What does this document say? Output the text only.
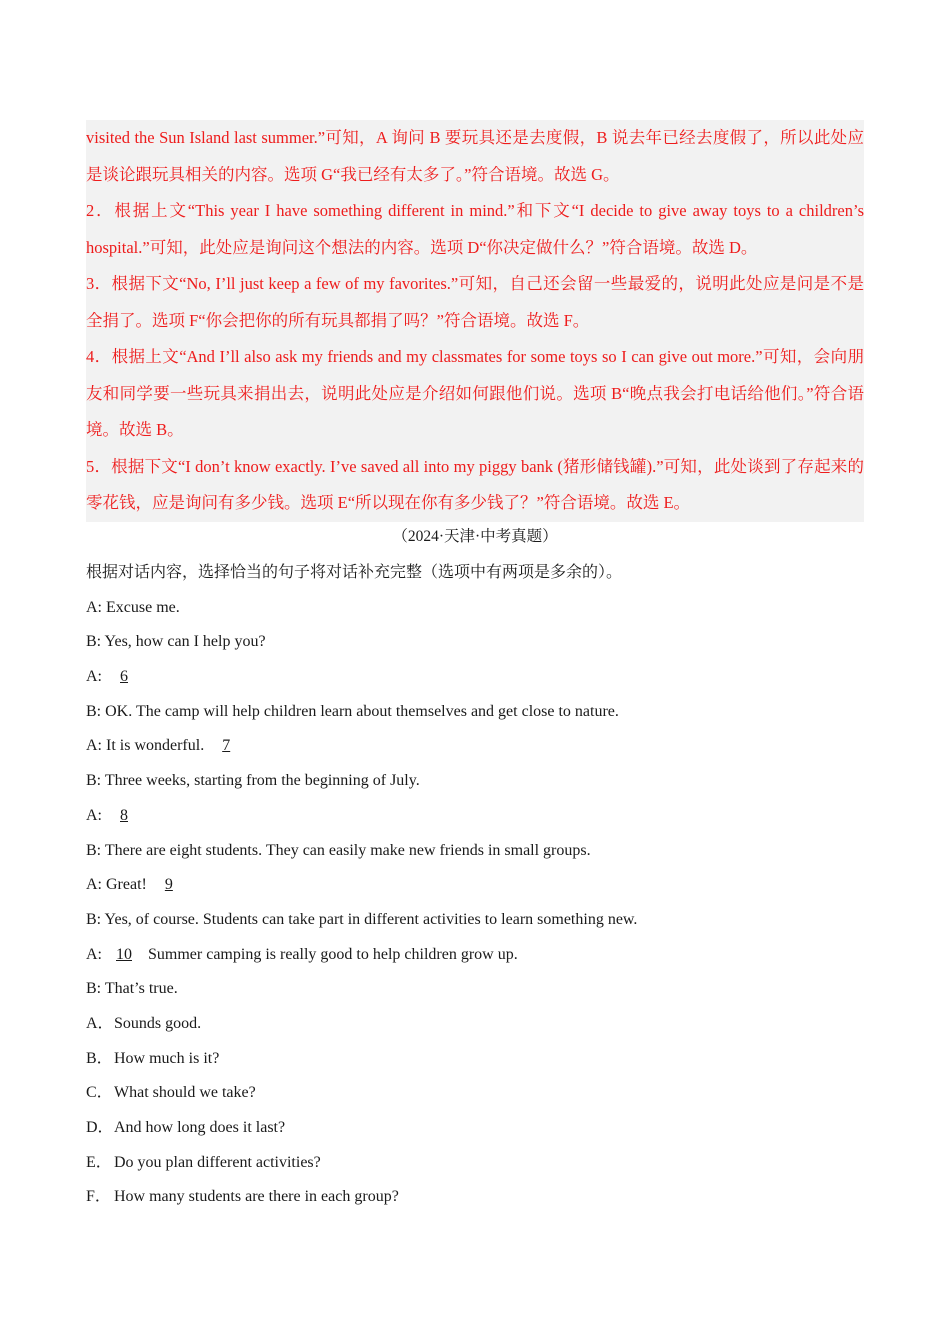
visited the Sun Island last summer.”可知，A 询问 B 要玩具还是去度假，B 说去年已经去度假了，所以此处应是谈论跟玩具相关的内容。选项 G“我已经有太多了。”符合语境。故选 G。

2．根据上文“This year I have something different in mind.”和下文“I decide to give away toys to a children’s hospital.”可知，此处应是询问这个想法的内容。选项 D“你决定做什么？”符合语境。故选 D。

3．根据下文“No, I’ll just keep a few of my favorites.”可知，自己还会留一些最爱的，说明此处应是问是不是全捐了。选项 F“你会把你的所有玩具都捐了吗？”符合语境。故选 F。

4．根据上文“And I’ll also ask my friends and my classmates for some toys so I can give out more.”可知，会向朋友和同学要一些玩具来捐出去，说明此处应是介绍如何跟他们说。选项 B“晚点我会打电话给他们。”符合语境。故选 B。

5．根据下文“I don’t know exactly. I’ve saved all into my piggy bank (猪形储钱罐).”可知，此处谈到了存起来的零花钱，应是询问有多少钱。选项 E“所以现在你有多少钱了？”符合语境。故选 E。

（2024·天津·中考真题）
根据对话内容，选择恰当的句子将对话补充完整（选项中有两项是多余的）。
A: Excuse me.
B: Yes, how can I help you?
A: 6
B: OK. The camp will help children learn about themselves and get close to nature.
A: It is wonderful. 7
B: Three weeks, starting from the beginning of July.
A: 8
B: There are eight students. They can easily make new friends in small groups.
A: Great! 9
B: Yes, of course. Students can take part in different activities to learn something new.
A: 10 Summer camping is really good to help children grow up.
B: That’s true.
A．Sounds good.
B．How much is it?
C．What should we take?
D．And how long does it last?
E． Do you plan different activities?
F． How many students are there in each group?
